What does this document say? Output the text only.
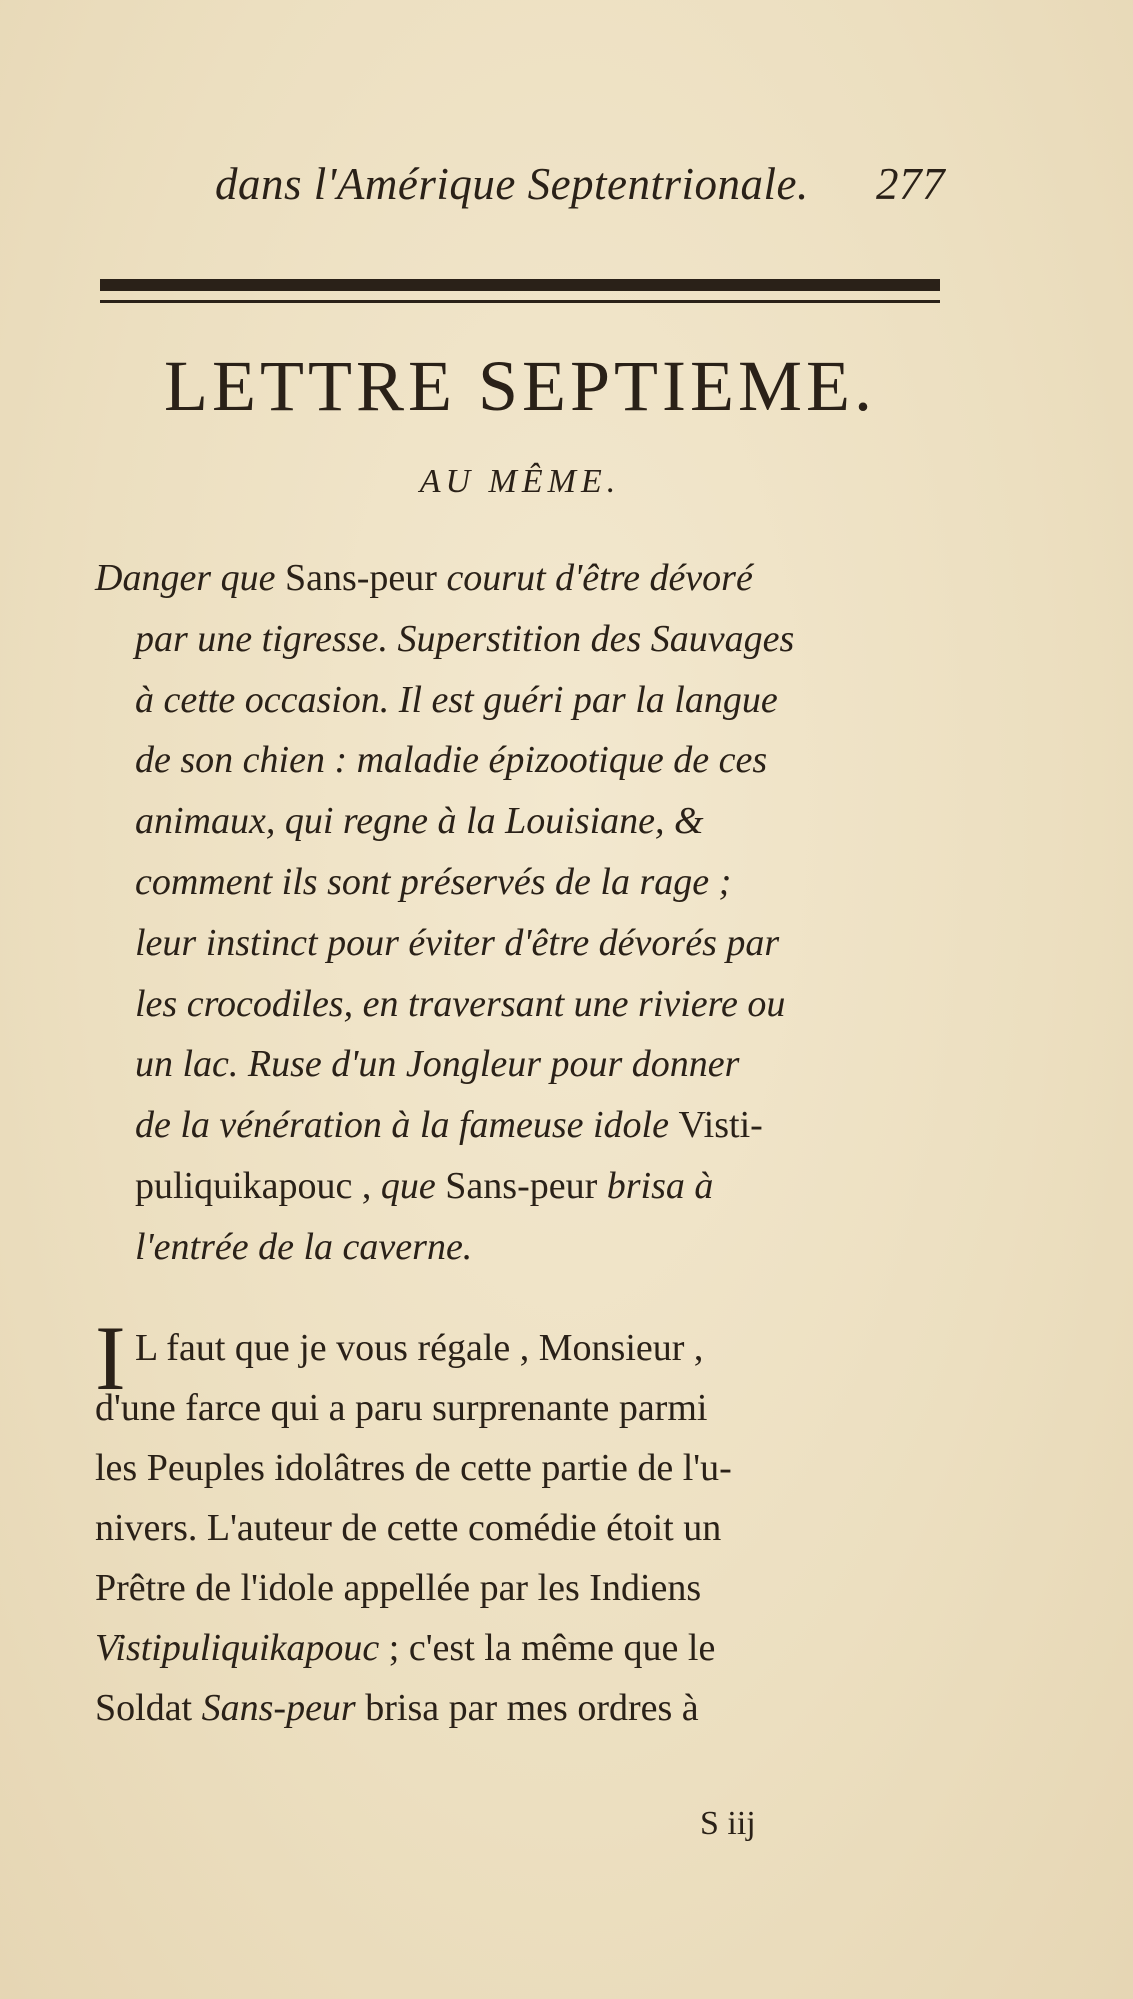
dans l'Amérique Septentrionale. 277
LETTRE SEPTIEME.
AU MÊME.
Danger que Sans-peur courut d'être dévoré
par une tigresse. Superstition des Sauvages
à cette occasion. Il est guéri par la langue
de son chien : maladie épizootique de ces
animaux, qui regne à la Louisiane, &
comment ils sont préservés de la rage ;
leur instinct pour éviter d'être dévorés par
les crocodiles, en traversant une riviere ou
un lac. Ruse d'un Jongleur pour donner
de la vénération à la fameuse idole Visti-
puliquikapouc , que Sans-peur brisa à
l'entrée de la caverne.
I L faut que je vous régale , Monsieur ,
d'une farce qui a paru surprenante parmi
les Peuples idolâtres de cette partie de l'u-
nivers. L'auteur de cette comédie étoit un
Prêtre de l'idole appellée par les Indiens
Vistipuliquikapouc ; c'est la même que le
Soldat Sans-peur brisa par mes ordres à
S iij
